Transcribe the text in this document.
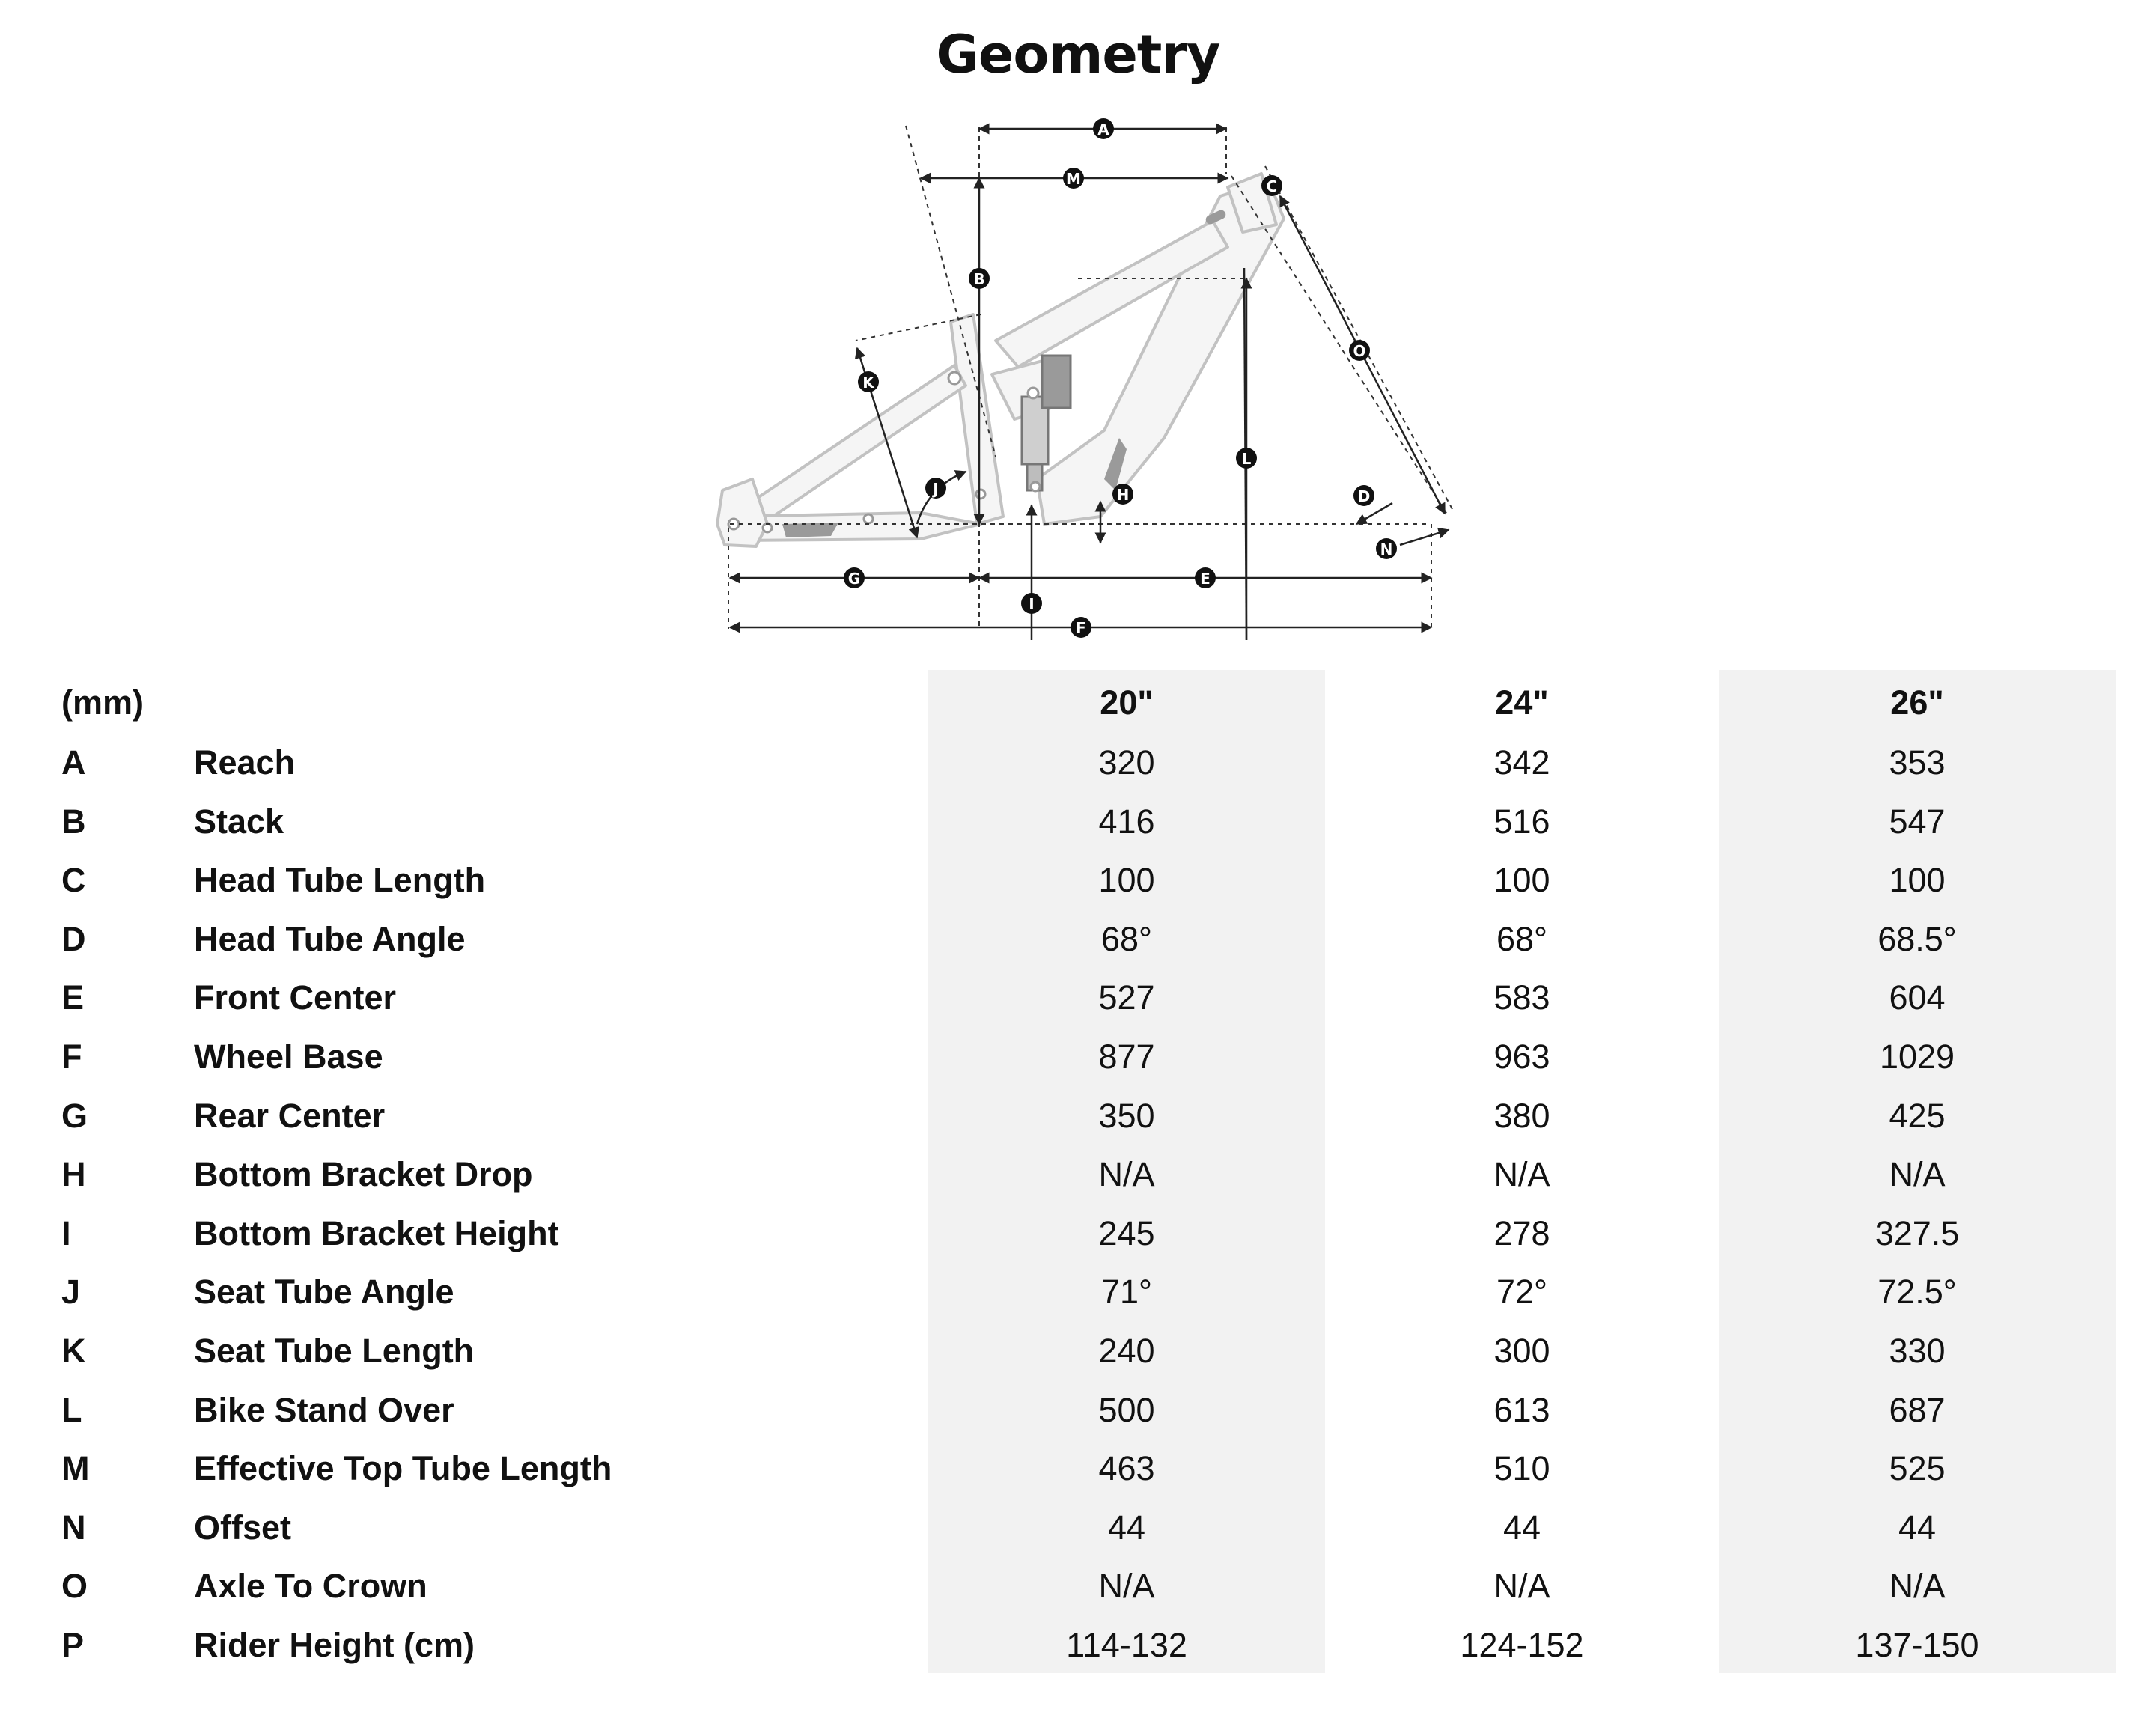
Geometry
A
M	C
B
O
K
L
J	H	D
N
G	E
I
F
(mm)	20"	24"	26"
A	Reach	320	342	353
B	Stack	416	516	547
C	Head Tube Length	100	100	100
D	Head Tube Angle	68°	68°	68.5°
E	Front Center	527	583	604
F	Wheel Base	877	963	1029
G	Rear Center	350	380	425
H	Bottom Bracket Drop	N/A	N/A	N/A
I	Bottom Bracket Height	245	278	327.5
J	Seat Tube Angle	71°	72°	72.5°
K	Seat Tube Length	240	300	330
L	Bike Stand Over	500	613	687
M	Effective Top Tube Length	463	510	525
N	Offset	44	44	44
O	Axle To Crown	N/A	N/A	N/A
P	Rider Height (cm)	114-132	124-152	137-150
